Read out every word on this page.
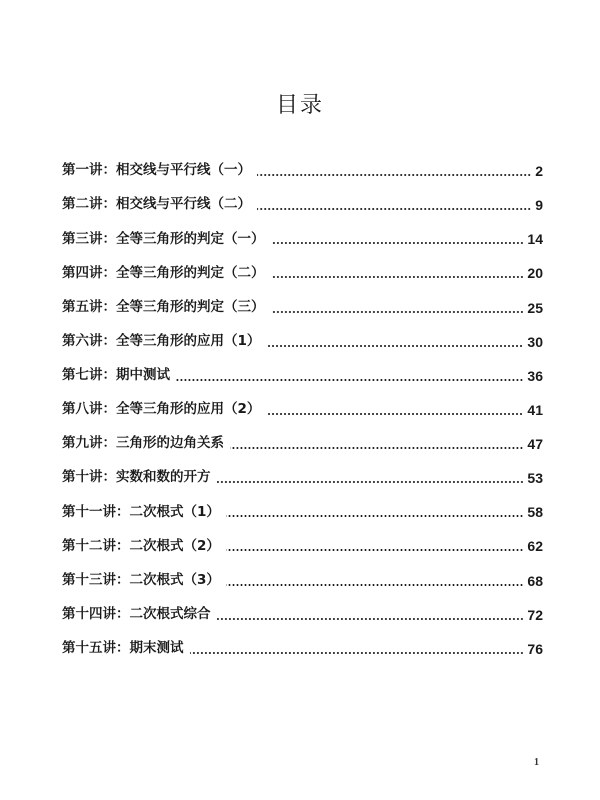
目录
第一讲：相交线与平行线（一）	2
第二讲：相交线与平行线（二）	9
第三讲：全等三角形的判定（一）	14
第四讲：全等三角形的判定（二）	20
第五讲：全等三角形的判定（三）	25
第六讲：全等三角形的应用（1）	30
第七讲：期中测试	36
第八讲：全等三角形的应用（2）	41
第九讲：三角形的边角关系	47
第十讲：实数和数的开方	53
第十一讲：二次根式（1）	58
第十二讲：二次根式（2）	62
第十三讲：二次根式（3）	68
第十四讲：二次根式综合	72
第十五讲：期末测试	76
1
